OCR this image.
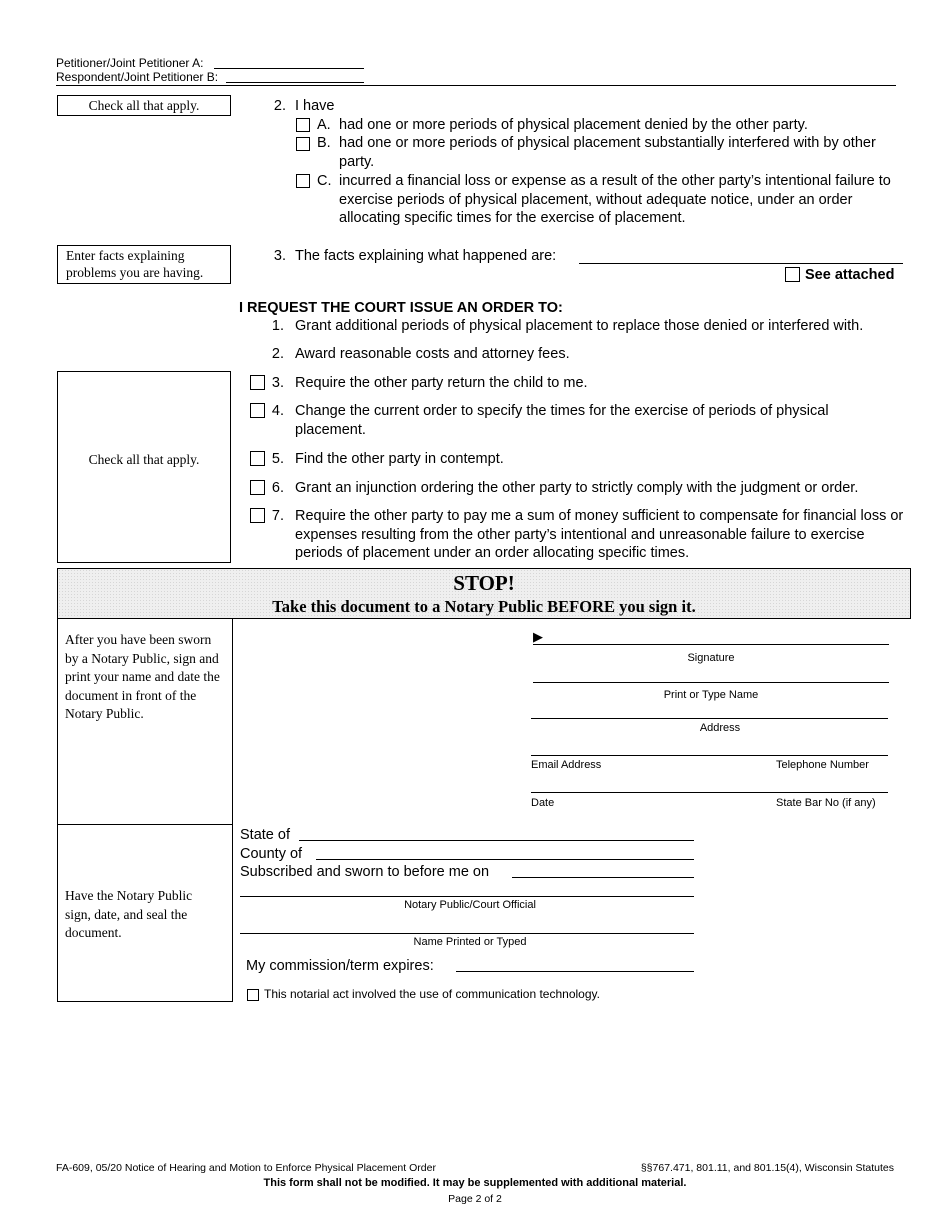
Petitioner/Joint Petitioner A:
Respondent/Joint Petitioner B:
Check all that apply.	2. I have
A. had one or more periods of physical placement denied by the other party.
B. had one or more periods of physical placement substantially interfered with by other party.
C. incurred a financial loss or expense as a result of the other party’s intentional failure to exercise periods of physical placement, without adequate notice, under an order allocating specific times for the exercise of placement.
Enter facts explaining problems you are having.
3. The facts explaining what happened are:
See attached
I REQUEST THE COURT ISSUE AN ORDER TO:
1. Grant additional periods of physical placement to replace those denied or interfered with.
2. Award reasonable costs and attorney fees.
Check all that apply.
3. Require the other party return the child to me.
4. Change the current order to specify the times for the exercise of periods of physical placement.
5. Find the other party in contempt.
6. Grant an injunction ordering the other party to strictly comply with the judgment or order.
7. Require the other party to pay me a sum of money sufficient to compensate for financial loss or expenses resulting from the other party’s intentional and unreasonable failure to exercise periods of placement under an order allocating specific times.
STOP!
Take this document to a Notary Public BEFORE you sign it.
After you have been sworn by a Notary Public, sign and print your name and date the document in front of the Notary Public.
▶
Signature
Print or Type Name
Address
Email Address	Telephone Number
Date	State Bar No (if any)
Have the Notary Public sign, date, and seal the document.
State of
County of
Subscribed and sworn to before me on
Notary Public/Court Official
Name Printed or Typed
My commission/term expires:
This notarial act involved the use of communication technology.
FA-609, 05/20 Notice of Hearing and Motion to Enforce Physical Placement Order	§§767.471, 801.11, and 801.15(4), Wisconsin Statutes
This form shall not be modified. It may be supplemented with additional material.
Page 2 of 2
